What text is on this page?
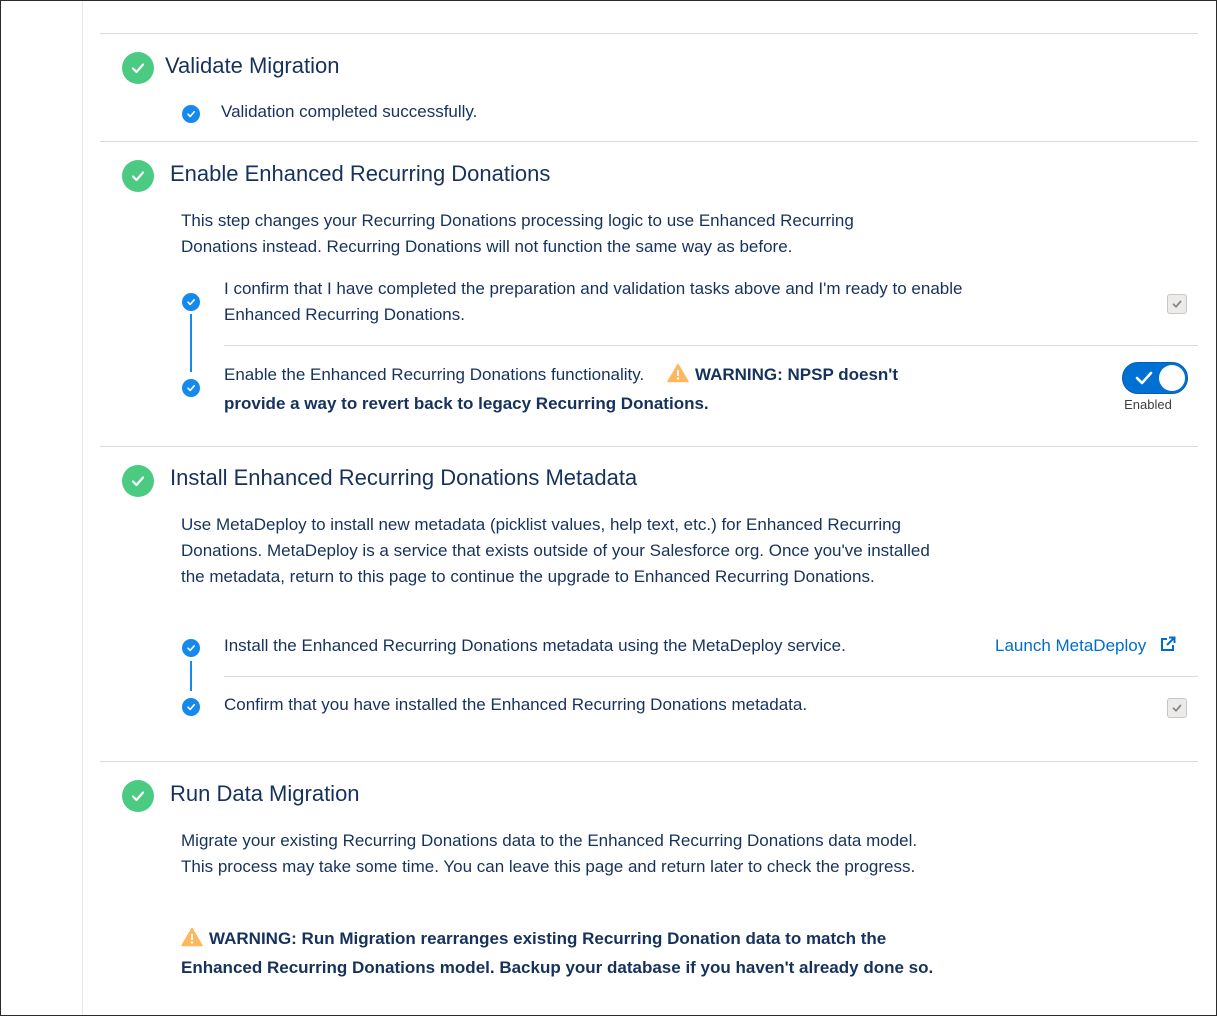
Validate Migration
Validation completed successfully.
Enable Enhanced Recurring Donations
This step changes your Recurring Donations processing logic to use Enhanced Recurring Donations instead. Recurring Donations will not function the same way as before.
I confirm that I have completed the preparation and validation tasks above and I'm ready to enable Enhanced Recurring Donations.
Enable the Enhanced Recurring Donations functionality.	WARNING: NPSP doesn't provide a way to revert back to legacy Recurring Donations.	Enabled
Install Enhanced Recurring Donations Metadata
Use MetaDeploy to install new metadata (picklist values, help text, etc.) for Enhanced Recurring Donations. MetaDeploy is a service that exists outside of your Salesforce org. Once you've installed the metadata, return to this page to continue the upgrade to Enhanced Recurring Donations.
Install the Enhanced Recurring Donations metadata using the MetaDeploy service.	Launch MetaDeploy
Confirm that you have installed the Enhanced Recurring Donations metadata.
Run Data Migration
Migrate your existing Recurring Donations data to the Enhanced Recurring Donations data model. This process may take some time. You can leave this page and return later to check the progress.
WARNING: Run Migration rearranges existing Recurring Donation data to match the Enhanced Recurring Donations model. Backup your database if you haven't already done so.
